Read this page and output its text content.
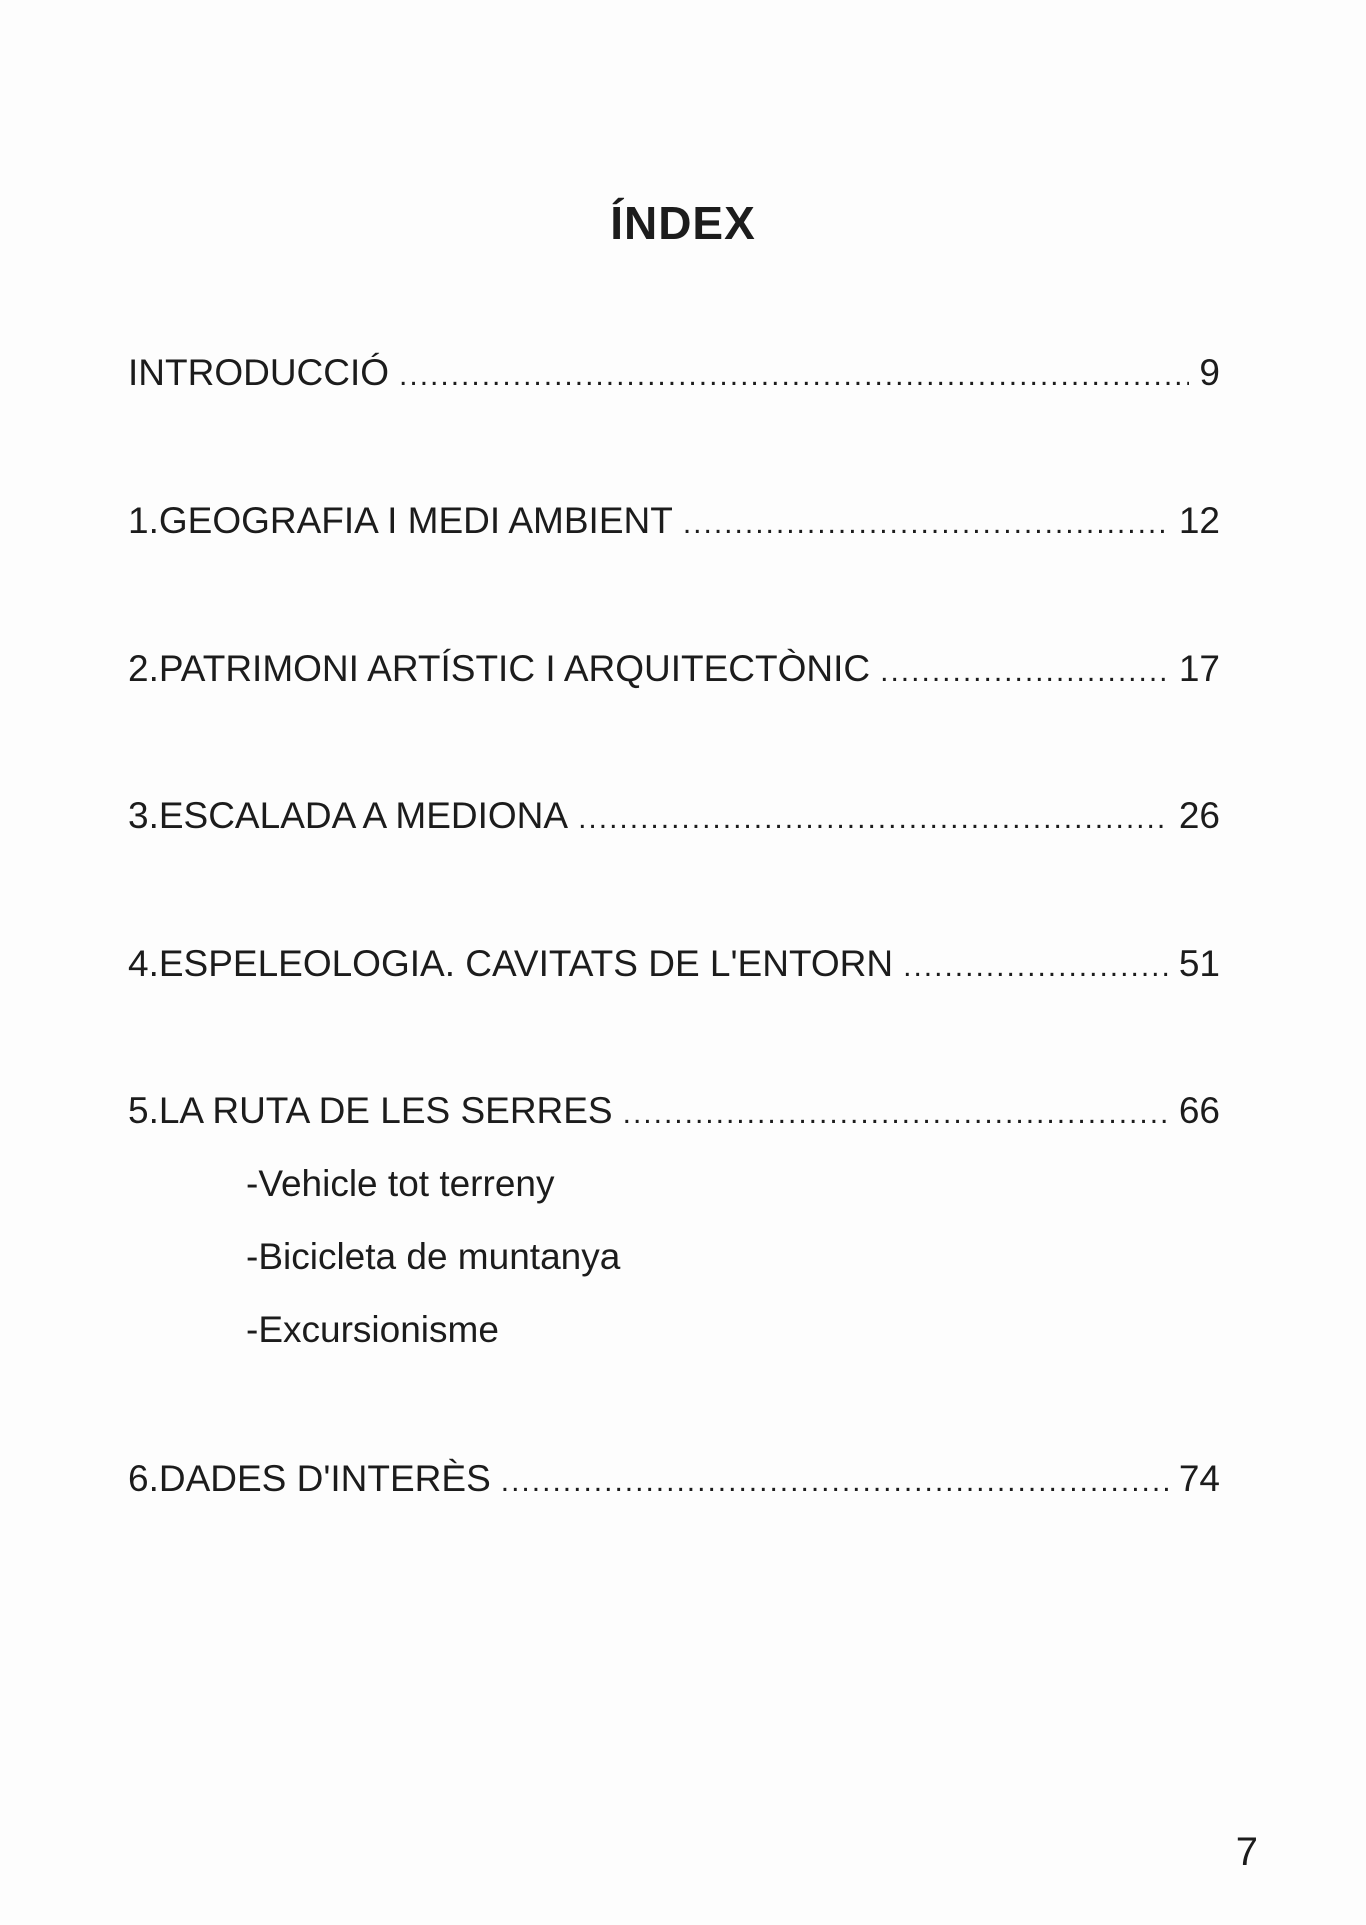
ÍNDEX
INTRODUCCIÓ .....	9
1.GEOGRAFIA I MEDI AMBIENT .....	12
2.PATRIMONI ARTÍSTIC I ARQUITECTÒNIC .....	17
3.ESCALADA A MEDIONA .....	26
4.ESPELEOLOGIA. CAVITATS DE L'ENTORN .....	51
5.LA RUTA DE LES SERRES .....	66
-Vehicle tot terreny
-Bicicleta de muntanya
-Excursionisme
6.DADES D'INTERÈS .....	74
7
